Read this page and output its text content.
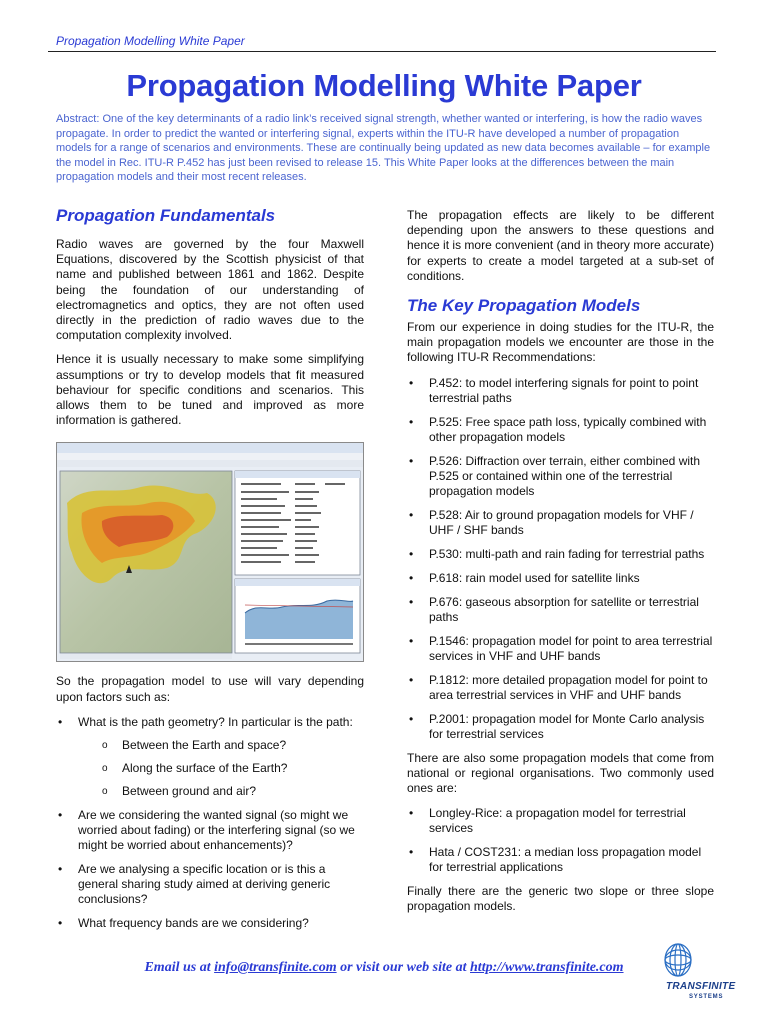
Propagation Modelling White Paper
Propagation Modelling White Paper
Abstract: One of the key determinants of a radio link’s received signal strength, whether wanted or interfering, is how the radio waves propagate. In order to predict the wanted or interfering signal, experts within the ITU-R have developed a number of propagation models for a range of scenarios and environments. These are continually being updated as new data becomes available – for example the model in Rec. ITU-R P.452 has just been revised to release 15. This White Paper looks at the differences between the main propagation models and their most recent releases.
Propagation Fundamentals

Radio waves are governed by the four Maxwell Equations, discovered by the Scottish physicist of that name and published between 1861 and 1862. Despite being the foundation of our understanding of electromagnetics and optics, they are not often used directly in the prediction of radio waves due to the computation complexity involved.

Hence it is usually necessary to make some simplifying assumptions or try to develop models that fit measured behaviour for specific conditions and scenarios. This allows them to be tuned and improved as more information is gathered.

So the propagation model to use will vary depending upon factors such as:

• What is the path geometry? In particular is the path:
o Between the Earth and space?
o Along the surface of the Earth?
o Between ground and air?
• Are we considering the wanted signal (so might we worried about fading) or the interfering signal (so we might be worried about enhancements)?
• Are we analysing a specific location or is this a general sharing study aimed at deriving generic conclusions?
• What frequency bands are we considering?

The propagation effects are likely to be different depending upon the answers to these questions and hence it is more convenient (and in theory more accurate) for experts to create a model targeted at a sub-set of conditions.

The Key Propagation Models

From our experience in doing studies for the ITU-R, the main propagation models we encounter are those in the following ITU-R Recommendations:

• P.452: to model interfering signals for point to point terrestrial paths
• P.525: Free space path loss, typically combined with other propagation models
• P.526: Diffraction over terrain, either combined with P.525 or contained within one of the terrestrial propagation models
• P.528: Air to ground propagation models for VHF / UHF / SHF bands
• P.530: multi-path and rain fading for terrestrial paths
• P.618: rain model used for satellite links
• P.676: gaseous absorption for satellite or terrestrial paths
• P.1546: propagation model for point to area terrestrial services in VHF and UHF bands
• P.1812: more detailed propagation model for point to area terrestrial services in VHF and UHF bands
• P.2001: propagation model for Monte Carlo analysis for terrestrial services

There are also some propagation models that come from national or regional organisations. Two commonly used ones are:

• Longley-Rice: a propagation model for terrestrial services
• Hata / COST231: a median loss propagation model for terrestrial applications

Finally there are the generic two slope or three slope propagation models.

Email us at info@transfinite.com or visit our web site at http://www.transfinite.com
TRANSFINITE
SYSTEMS
